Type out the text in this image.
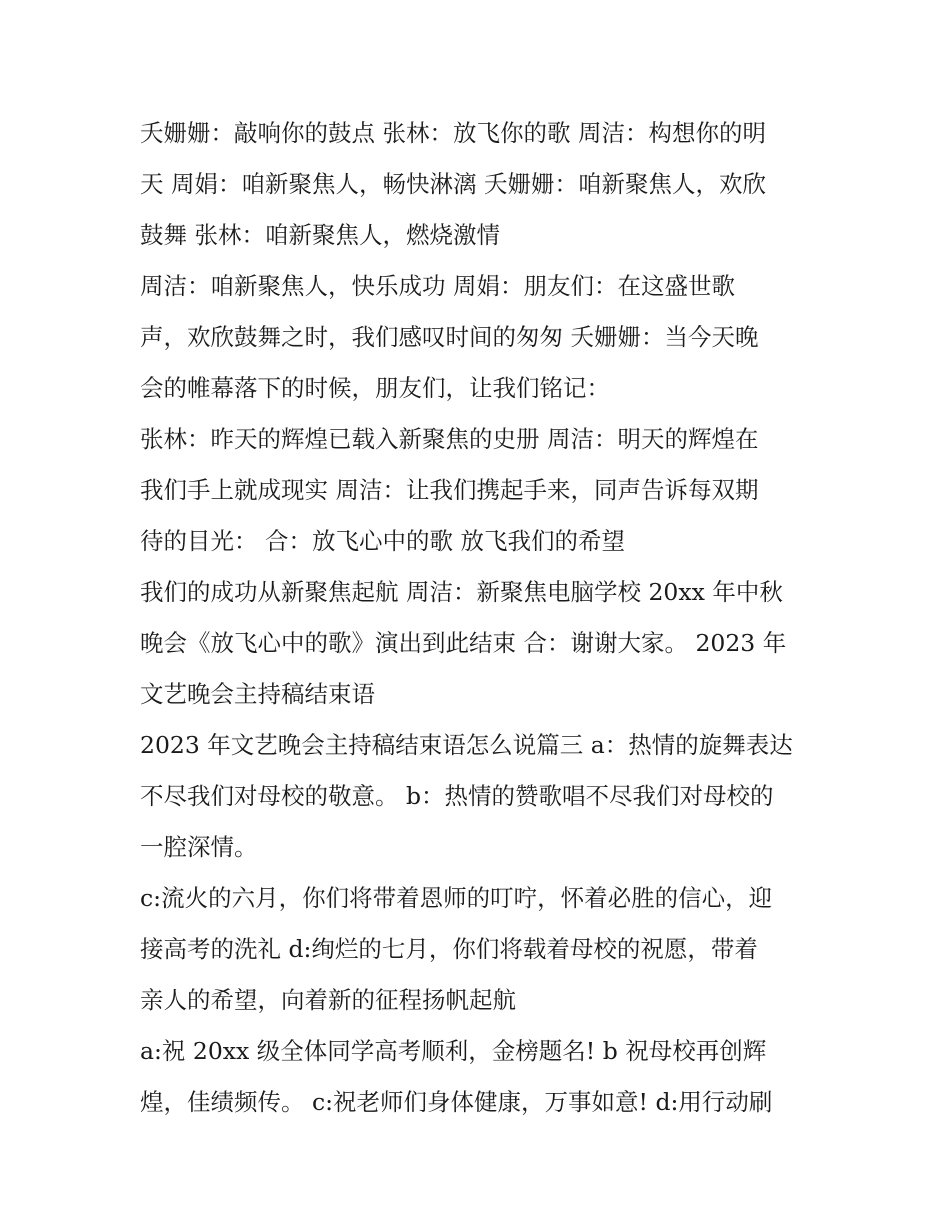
夭姗姗：敲响你的鼓点 张林：放飞你的歌 周洁：构想你的明
天 周娟：咱新聚焦人，畅快淋漓 夭姗姗：咱新聚焦人，欢欣
鼓舞 张林：咱新聚焦人，燃烧激情
周洁：咱新聚焦人，快乐成功 周娟：朋友们：在这盛世歌
声，欢欣鼓舞之时，我们感叹时间的匆匆 夭姗姗：当今天晚
会的帷幕落下的时候，朋友们，让我们铭记：
张林：昨天的辉煌已载入新聚焦的史册 周洁：明天的辉煌在
我们手上就成现实 周洁：让我们携起手来，同声告诉每双期
待的目光： 合：放飞心中的歌 放飞我们的希望
我们的成功从新聚焦起航 周洁：新聚焦电脑学校 20xx 年中秋
晚会《放飞心中的歌》演出到此结束 合：谢谢大家。 2023 年
文艺晚会主持稿结束语
2023 年文艺晚会主持稿结束语怎么说篇三 a：热情的旋舞表达
不尽我们对母校的敬意。 b：热情的赞歌唱不尽我们对母校的
一腔深情。
c:流火的六月，你们将带着恩师的叮咛，怀着必胜的信心，迎
接高考的洗礼 d:绚烂的七月，你们将载着母校的祝愿，带着
亲人的希望，向着新的征程扬帆起航
a:祝 20xx 级全体同学高考顺利，金榜题名! b 祝母校再创辉
煌，佳绩频传。 c:祝老师们身体健康，万事如意! d:用行动刷
